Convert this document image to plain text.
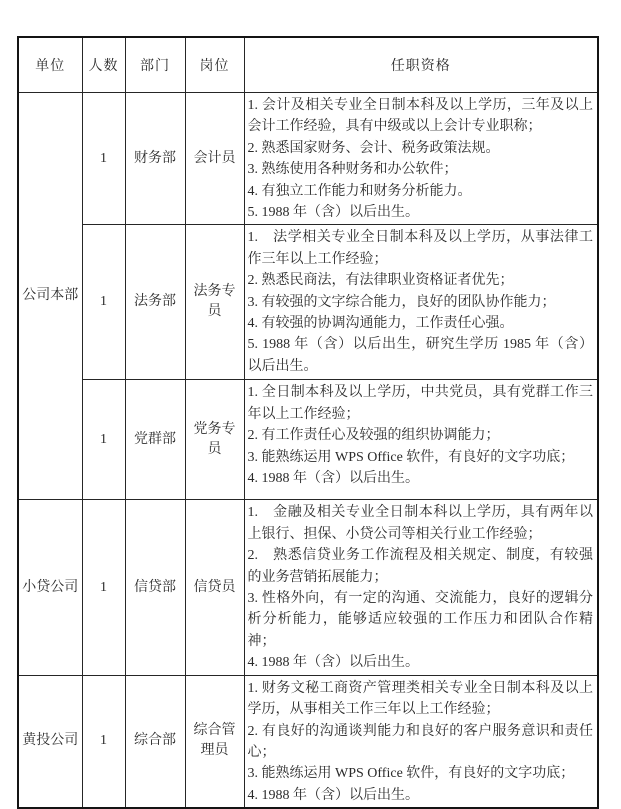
单位	人数	部门	岗位	任职资格
公司本部	1	财务部	会计员	1. 会计及相关专业全日制本科及以上学历，三年及以上会计工作经验，具有中级或以上会计专业职称；
2. 熟悉国家财务、会计、税务政策法规。
3. 熟练使用各种财务和办公软件；
4. 有独立工作能力和财务分析能力。
5. 1988 年（含）以后出生。

	1	法务部	法务专员	1.　法学相关专业全日制本科及以上学历，从事法律工作三年以上工作经验；
2. 熟悉民商法，有法律职业资格证者优先；
3. 有较强的文字综合能力，良好的团队协作能力；
4. 有较强的协调沟通能力，工作责任心强。
5. 1988 年（含）以后出生，研究生学历 1985 年（含）以后出生。

	1	党群部	党务专员	1. 全日制本科及以上学历，中共党员，具有党群工作三年以上工作经验；
2. 有工作责任心及较强的组织协调能力；
3. 能熟练运用 WPS Office 软件，有良好的文字功底；
4. 1988 年（含）以后出生。

小贷公司	1	信贷部	信贷员	1.　金融及相关专业全日制本科以上学历，具有两年以上银行、担保、小贷公司等相关行业工作经验；
2.　熟悉信贷业务工作流程及相关规定、制度，有较强的业务营销拓展能力；
3. 性格外向，有一定的沟通、交流能力，良好的逻辑分析分析能力，能够适应较强的工作压力和团队合作精神；
4. 1988 年（含）以后出生。

黄投公司	1	综合部	综合管理员	1. 财务文秘工商资产管理类相关专业全日制本科及以上学历，从事相关工作三年以上工作经验；
2. 有良好的沟通谈判能力和良好的客户服务意识和责任心；
3. 能熟练运用 WPS Office 软件，有良好的文字功底；
4. 1988 年（含）以后出生。
